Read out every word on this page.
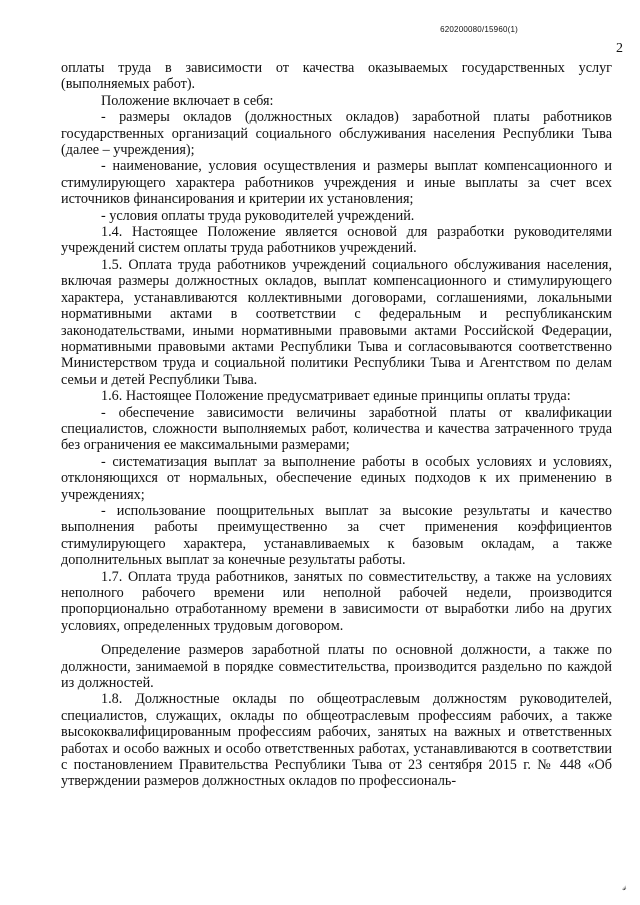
620200080/15960(1)
2

оплаты труда в зависимости от качества оказываемых государственных услуг (выполняемых работ).

Положение включает в себя:

- размеры окладов (должностных окладов) заработной платы работников государственных организаций социального обслуживания населения Республики Тыва (далее – учреждения);

- наименование, условия осуществления и размеры выплат компенсационного и стимулирующего характера работников учреждения и иные выплаты за счет всех источников финансирования и критерии их установления;

- условия оплаты труда руководителей учреждений.

1.4. Настоящее Положение является основой для разработки руководителями учреждений систем оплаты труда работников учреждений.

1.5. Оплата труда работников учреждений социального обслуживания населения, включая размеры должностных окладов, выплат компенсационного и стимулирующего характера, устанавливаются коллективными договорами, соглашениями, локальными нормативными актами в соответствии с федеральным и республиканским законодательствами, иными нормативными правовыми актами Российской Федерации, нормативными правовыми актами Республики Тыва и согласовываются соответственно Министерством труда и социальной политики Республики Тыва и Агентством по делам семьи и детей Республики Тыва.

1.6. Настоящее Положение предусматривает единые принципы оплаты труда:

- обеспечение зависимости величины заработной платы от квалификации специалистов, сложности выполняемых работ, количества и качества затраченного труда без ограничения ее максимальными размерами;

- систематизация выплат за выполнение работы в особых условиях и условиях, отклоняющихся от нормальных, обеспечение единых подходов к их применению в учреждениях;

- использование поощрительных выплат за высокие результаты и качество выполнения работы преимущественно за счет применения коэффициентов стимулирующего характера, устанавливаемых к базовым окладам, а также дополнительных выплат за конечные результаты работы.

1.7. Оплата труда работников, занятых по совместительству, а также на условиях неполного рабочего времени или неполной рабочей недели, производится пропорционально отработанному времени в зависимости от выработки либо на других условиях, определенных трудовым договором.

Определение размеров заработной платы по основной должности, а также по должности, занимаемой в порядке совместительства, производится раздельно по каждой из должностей.

1.8. Должностные оклады по общеотраслевым должностям руководителей, специалистов, служащих, оклады по общеотраслевым профессиям рабочих, а также высококвалифицированным профессиям рабочих, занятых на важных и ответственных работах и особо важных и особо ответственных работах, устанавливаются в соответствии с постановлением Правительства Республики Тыва от 23 сентября 2015 г. № 448 «Об утверждении размеров должностных окладов по профессиональ-

𝓈
